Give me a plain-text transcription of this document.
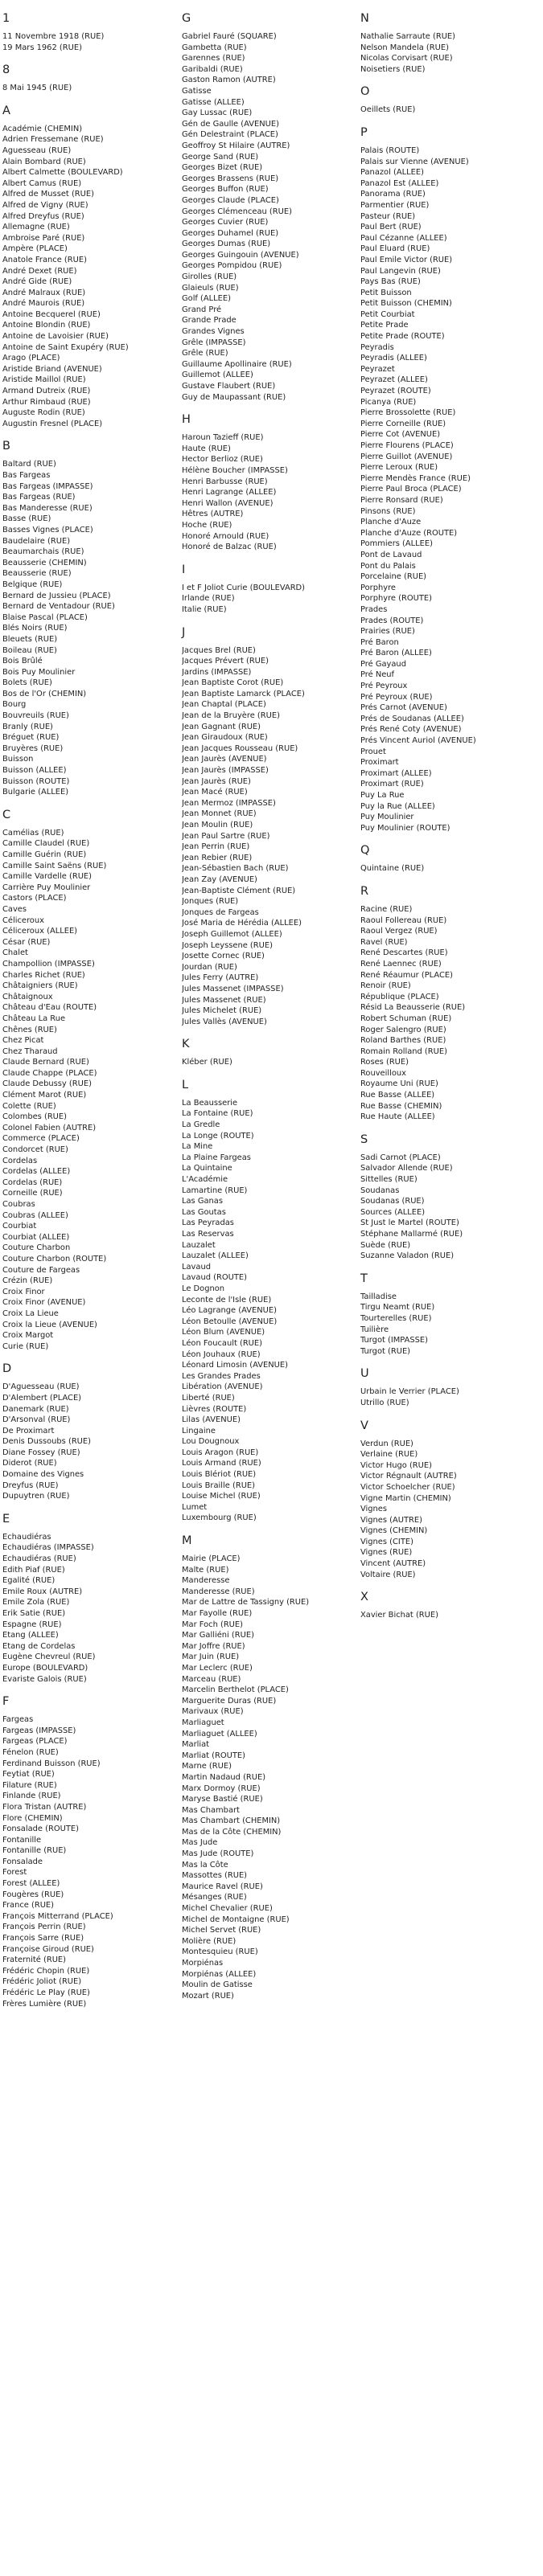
1
11 Novembre 1918 (RUE)
19 Mars 1962 (RUE)
8
8 Mai 1945 (RUE)
A
Académie (CHEMIN)
Adrien Fressemane (RUE)
Aguesseau (RUE)
Alain Bombard (RUE)
Albert Calmette (BOULEVARD)
Albert Camus (RUE)
Alfred de Musset (RUE)
Alfred de Vigny (RUE)
Alfred Dreyfus (RUE)
Allemagne (RUE)
Ambroise Paré (RUE)
Ampère (PLACE)
Anatole France (RUE)
André Dexet (RUE)
André Gide (RUE)
André Malraux (RUE)
André Maurois (RUE)
Antoine Becquerel (RUE)
Antoine Blondin (RUE)
Antoine de Lavoisier (RUE)
Antoine de Saint Exupéry (RUE)
Arago (PLACE)
Aristide Briand (AVENUE)
Aristide Maillol (RUE)
Armand Dutreix (RUE)
Arthur Rimbaud (RUE)
Auguste Rodin (RUE)
Augustin Fresnel (PLACE)
B
Baltard (RUE)
Bas Fargeas
Bas Fargeas (IMPASSE)
Bas Fargeas (RUE)
Bas Manderesse (RUE)
Basse (RUE)
Basses Vignes (PLACE)
Baudelaire (RUE)
Beaumarchais (RUE)
Beausserie (CHEMIN)
Beausserie (RUE)
Belgique (RUE)
Bernard de Jussieu (PLACE)
Bernard de Ventadour (RUE)
Blaise Pascal (PLACE)
Blés Noirs (RUE)
Bleuets (RUE)
Boileau (RUE)
Bois Brûlé
Bois Puy Moulinier
Bolets (RUE)
Bos de l'Or (CHEMIN)
Bourg
Bouvreuils (RUE)
Branly (RUE)
Bréguet (RUE)
Bruyères (RUE)
Buisson
Buisson (ALLEE)
Buisson (ROUTE)
Bulgarie (ALLEE)
C
Camélias (RUE)
Camille Claudel (RUE)
Camille Guérin (RUE)
Camille Saint Saëns (RUE)
Camille Vardelle (RUE)
Carrière Puy Moulinier
Castors (PLACE)
Caves
Céliceroux
Céliceroux (ALLEE)
César (RUE)
Chalet
Champollion (IMPASSE)
Charles Richet (RUE)
Châtaigniers (RUE)
Châtaignoux
Château d'Eau (ROUTE)
Château La Rue
Chênes (RUE)
Chez Picat
Chez Tharaud
Claude Bernard (RUE)
Claude Chappe (PLACE)
Claude Debussy (RUE)
Clément Marot (RUE)
Colette (RUE)
Colombes (RUE)
Colonel Fabien (AUTRE)
Commerce (PLACE)
Condorcet (RUE)
Cordelas
Cordelas (ALLEE)
Cordelas (RUE)
Corneille (RUE)
Coubras
Coubras (ALLEE)
Courbiat
Courbiat (ALLEE)
Couture Charbon
Couture Charbon (ROUTE)
Couture de Fargeas
Crézin (RUE)
Croix Finor
Croix Finor (AVENUE)
Croix La Lieue
Croix la Lieue (AVENUE)
Croix Margot
Curie (RUE)
D
D'Aguesseau (RUE)
D'Alembert (PLACE)
Danemark (RUE)
D'Arsonval (RUE)
De Proximart
Denis Dussoubs (RUE)
Diane Fossey (RUE)
Diderot (RUE)
Domaine des Vignes
Dreyfus (RUE)
Dupuytren (RUE)
E
Echaudiéras
Echaudiéras (IMPASSE)
Echaudiéras (RUE)
Edith Piaf (RUE)
Egalité (RUE)
Emile Roux (AUTRE)
Emile Zola (RUE)
Erik Satie (RUE)
Espagne (RUE)
Etang (ALLEE)
Etang de Cordelas
Eugène Chevreul (RUE)
Europe (BOULEVARD)
Evariste Galois (RUE)
F
Fargeas
Fargeas (IMPASSE)
Fargeas (PLACE)
Fénelon (RUE)
Ferdinand Buisson (RUE)
Feytiat (RUE)
Filature (RUE)
Finlande (RUE)
Flora Tristan (AUTRE)
Flore (CHEMIN)
Fonsalade (ROUTE)
Fontanille
Fontanille (RUE)
Fonsalade
Forest
Forest (ALLEE)
Fougères (RUE)
France (RUE)
François Mitterrand (PLACE)
François Perrin (RUE)
François Sarre (RUE)
Françoise Giroud (RUE)
Fraternité (RUE)
Frédéric Chopin (RUE)
Frédéric Joliot (RUE)
Frédéric Le Play (RUE)
Frères Lumière (RUE)
G
Gabriel Fauré (SQUARE)
Gambetta (RUE)
Garennes (RUE)
Garibaldi (RUE)
Gaston Ramon (AUTRE)
Gatisse
Gatisse (ALLEE)
Gay Lussac (RUE)
Gén de Gaulle (AVENUE)
Gén Delestraint (PLACE)
Geoffroy St Hilaire (AUTRE)
George Sand (RUE)
Georges Bizet (RUE)
Georges Brassens (RUE)
Georges Buffon (RUE)
Georges Claude (PLACE)
Georges Clémenceau (RUE)
Georges Cuvier (RUE)
Georges Duhamel (RUE)
Georges Dumas (RUE)
Georges Guingouin (AVENUE)
Georges Pompidou (RUE)
Girolles (RUE)
Glaieuls (RUE)
Golf (ALLEE)
Grand Pré
Grande Prade
Grandes Vignes
Grêle (IMPASSE)
Grêle (RUE)
Guillaume Apollinaire (RUE)
Guillemot (ALLEE)
Gustave Flaubert (RUE)
Guy de Maupassant (RUE)
H
Haroun Tazieff (RUE)
Haute (RUE)
Hector Berlioz (RUE)
Hélène Boucher (IMPASSE)
Henri Barbusse (RUE)
Henri Lagrange (ALLEE)
Henri Wallon (AVENUE)
Hêtres (AUTRE)
Hoche (RUE)
Honoré Arnould (RUE)
Honoré de Balzac (RUE)
I
I et F Joliot Curie (BOULEVARD)
Irlande (RUE)
Italie (RUE)
J
Jacques Brel (RUE)
Jacques Prévert (RUE)
Jardins (IMPASSE)
Jean Baptiste Corot (RUE)
Jean Baptiste Lamarck (PLACE)
Jean Chaptal (PLACE)
Jean de la Bruyère (RUE)
Jean Gagnant (RUE)
Jean Giraudoux (RUE)
Jean Jacques Rousseau (RUE)
Jean Jaurès (AVENUE)
Jean Jaurès (IMPASSE)
Jean Jaurès (RUE)
Jean Macé (RUE)
Jean Mermoz (IMPASSE)
Jean Monnet (RUE)
Jean Moulin (RUE)
Jean Paul Sartre (RUE)
Jean Perrin (RUE)
Jean Rebier (RUE)
Jean-Sébastien Bach (RUE)
Jean Zay (AVENUE)
Jean-Baptiste Clément (RUE)
Jonques (RUE)
Jonques de Fargeas
José Maria de Hérédia (ALLEE)
Joseph Guillemot (ALLEE)
Joseph Leyssene (RUE)
Josette Cornec (RUE)
Jourdan (RUE)
Jules Ferry (AUTRE)
Jules Massenet (IMPASSE)
Jules Massenet (RUE)
Jules Michelet (RUE)
Jules Vallès (AVENUE)
K
Kléber (RUE)
L
La Beausserie
La Fontaine (RUE)
La Gredle
La Longe (ROUTE)
La Mine
La Plaine Fargeas
La Quintaine
L'Académie
Lamartine (RUE)
Las Ganas
Las Goutas
Las Peyradas
Las Reservas
Lauzalet
Lauzalet (ALLEE)
Lavaud
Lavaud (ROUTE)
Le Dognon
Leconte de l'Isle (RUE)
Léo Lagrange (AVENUE)
Léon Betoulle (AVENUE)
Léon Blum (AVENUE)
Léon Foucault (RUE)
Léon Jouhaux (RUE)
Léonard Limosin (AVENUE)
Les Grandes Prades
Libération (AVENUE)
Liberté (RUE)
Lièvres (ROUTE)
Lilas (AVENUE)
Lingaine
Lou Dougnoux
Louis Aragon (RUE)
Louis Armand (RUE)
Louis Blériot (RUE)
Louis Braille (RUE)
Louise Michel (RUE)
Lumet
Luxembourg (RUE)
M
Mairie (PLACE)
Malte (RUE)
Manderesse
Manderesse (RUE)
Mar de Lattre de Tassigny (RUE)
Mar Fayolle (RUE)
Mar Foch (RUE)
Mar Galliéni (RUE)
Mar Joffre (RUE)
Mar Juin (RUE)
Mar Leclerc (RUE)
Marceau (RUE)
Marcelin Berthelot (PLACE)
Marguerite Duras (RUE)
Marivaux (RUE)
Marliaguet
Marliaguet (ALLEE)
Marliat
Marliat (ROUTE)
Marne (RUE)
Martin Nadaud (RUE)
Marx Dormoy (RUE)
Maryse Bastié (RUE)
Mas Chambart
Mas Chambart (CHEMIN)
Mas de la Côte (CHEMIN)
Mas Jude
Mas Jude (ROUTE)
Mas la Côte
Massottes (RUE)
Maurice Ravel (RUE)
Mésanges (RUE)
Michel Chevalier (RUE)
Michel de Montaigne (RUE)
Michel Servet (RUE)
Molière (RUE)
Montesquieu (RUE)
Morpiénas
Morpiénas (ALLEE)
Moulin de Gatisse
Mozart (RUE)
N
Nathalie Sarraute (RUE)
Nelson Mandela (RUE)
Nicolas Corvisart (RUE)
Noisetiers (RUE)
O
Oeillets (RUE)
P
Palais (ROUTE)
Palais sur Vienne (AVENUE)
Panazol (ALLEE)
Panazol Est (ALLEE)
Panorama (RUE)
Parmentier (RUE)
Pasteur (RUE)
Paul Bert (RUE)
Paul Cézanne (ALLEE)
Paul Eluard (RUE)
Paul Emile Victor (RUE)
Paul Langevin (RUE)
Pays Bas (RUE)
Petit Buisson
Petit Buisson (CHEMIN)
Petit Courbiat
Petite Prade
Petite Prade (ROUTE)
Peyradis
Peyradis (ALLEE)
Peyrazet
Peyrazet (ALLEE)
Peyrazet (ROUTE)
Picanya (RUE)
Pierre Brossolette (RUE)
Pierre Corneille (RUE)
Pierre Cot (AVENUE)
Pierre Flourens (PLACE)
Pierre Guillot (AVENUE)
Pierre Leroux (RUE)
Pierre Mendès France (RUE)
Pierre Paul Broca (PLACE)
Pierre Ronsard (RUE)
Pinsons (RUE)
Planche d'Auze
Planche d'Auze (ROUTE)
Pommiers (ALLEE)
Pont de Lavaud
Pont du Palais
Porcelaine (RUE)
Porphyre
Porphyre (ROUTE)
Prades
Prades (ROUTE)
Prairies (RUE)
Pré Baron
Pré Baron (ALLEE)
Pré Gayaud
Pré Neuf
Pré Peyroux
Pré Peyroux (RUE)
Prés Carnot (AVENUE)
Prés de Soudanas (ALLEE)
Prés René Coty (AVENUE)
Prés Vincent Auriol (AVENUE)
Prouet
Proximart
Proximart (ALLEE)
Proximart (RUE)
Puy La Rue
Puy la Rue (ALLEE)
Puy Moulinier
Puy Moulinier (ROUTE)
Q
Quintaine (RUE)
R
Racine (RUE)
Raoul Follereau (RUE)
Raoul Vergez (RUE)
Ravel (RUE)
René Descartes (RUE)
René Laennec (RUE)
René Réaumur (PLACE)
Renoir (RUE)
République (PLACE)
Résid La Beausserie (RUE)
Robert Schuman (RUE)
Roger Salengro (RUE)
Roland Barthes (RUE)
Romain Rolland (RUE)
Roses (RUE)
Rouveilloux
Royaume Uni (RUE)
Rue Basse (ALLEE)
Rue Basse (CHEMIN)
Rue Haute (ALLEE)
S
Sadi Carnot (PLACE)
Salvador Allende (RUE)
Sittelles (RUE)
Soudanas
Soudanas (RUE)
Sources (ALLEE)
St Just le Martel (ROUTE)
Stéphane Mallarmé (RUE)
Suède (RUE)
Suzanne Valadon (RUE)
T
Tailladise
Tirgu Neamt (RUE)
Tourterelles (RUE)
Tuilière
Turgot (IMPASSE)
Turgot (RUE)
U
Urbain le Verrier (PLACE)
Utrillo (RUE)
V
Verdun (RUE)
Verlaine (RUE)
Victor Hugo (RUE)
Victor Régnault (AUTRE)
Victor Schoelcher (RUE)
Vigne Martin (CHEMIN)
Vignes
Vignes (AUTRE)
Vignes (CHEMIN)
Vignes (CITE)
Vignes (RUE)
Vincent (AUTRE)
Voltaire (RUE)
X
Xavier Bichat (RUE)
